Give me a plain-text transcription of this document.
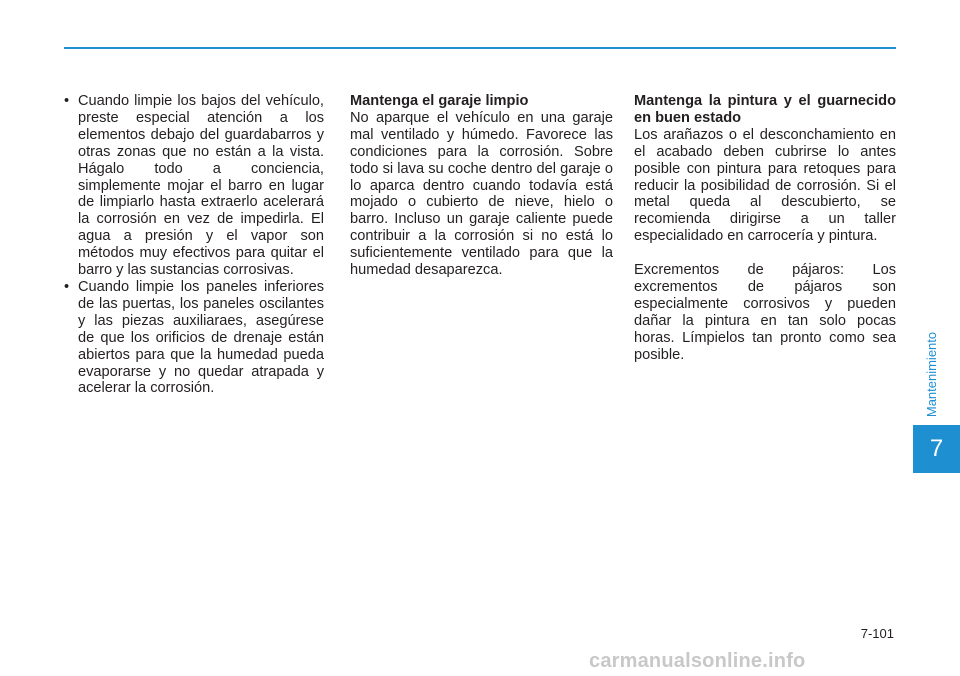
• Cuando limpie los bajos del vehículo, preste especial atención a los elementos debajo del guardabarros y otras zonas que no están a la vista. Hágalo todo a conciencia, simplemente mojar el barro en lugar de limpiarlo hasta extraerlo acelerará la corrosión en vez de impedirla. El agua a presión y el vapor son métodos muy efectivos para quitar el barro y las sustancias corrosivas.

• Cuando limpie los paneles inferiores de las puertas, los paneles oscilantes y las piezas auxiliaraes, asegúrese de que los orificios de drenaje están abiertos para que la humedad pueda evaporarse y no quedar atrapada y acelerar la corrosión.

Mantenga el garaje limpio

No aparque el vehículo en una garaje mal ventilado y húmedo. Favorece las condiciones para la corrosión. Sobre todo si lava su coche dentro del garaje o lo aparca dentro cuando todavía está mojado o cubierto de nieve, hielo o barro. Incluso un garaje caliente puede contribuir a la corrosión si no está lo suficientemente ventilado para que la humedad desaparezca.

Mantenga la pintura y el guarnecido en buen estado

Los arañazos o el desconchamiento en el acabado deben cubrirse lo antes posible con pintura para retoques para reducir la posibilidad de corrosión. Si el metal queda al descubierto, se recomienda dirigirse a un taller especialidado en carrocería y pintura.

Excrementos de pájaros: Los excrementos de pájaros son especialmente corrosivos y pueden dañar la pintura en tan solo pocas horas. Límpielos tan pronto como sea posible.	Mantenimiento
7
7-101
carmanualsonline.info
